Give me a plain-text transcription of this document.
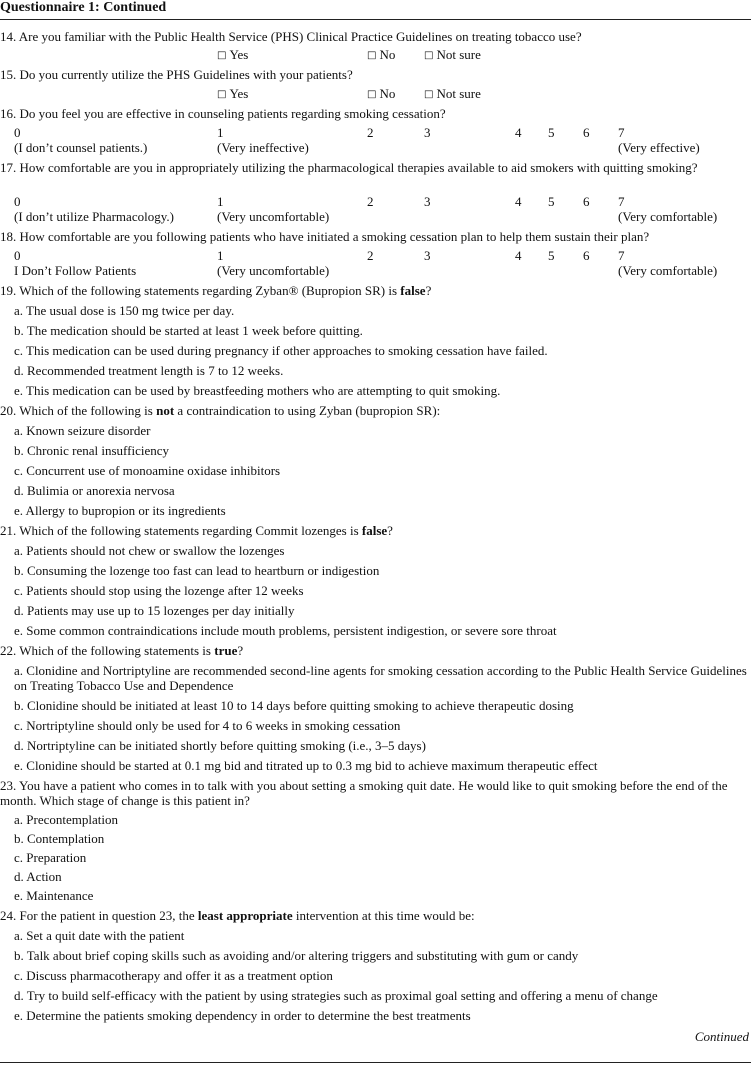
Questionnaire 1: Continued
14. Are you familiar with the Public Health Service (PHS) Clinical Practice Guidelines on treating tobacco use?
□ Yes	□ No	□ Not sure
15. Do you currently utilize the PHS Guidelines with your patients?
□ Yes	□ No	□ Not sure
16. Do you feel you are effective in counseling patients regarding smoking cessation?
0	1	2	3	4 5 6 7
(I don’t counsel patients.)	(Very ineffective)	(Very effective)
17. How comfortable are you in appropriately utilizing the pharmacological therapies available to aid smokers with quitting smoking?
0	1	2	3	4 5 6 7
(I don’t utilize Pharmacology.)	(Very uncomfortable)	(Very comfortable)
18. How comfortable are you following patients who have initiated a smoking cessation plan to help them sustain their plan?
0	1	2	3	4 5 6 7
I Don’t Follow Patients	(Very uncomfortable)	(Very comfortable)
19. Which of the following statements regarding Zyban® (Bupropion SR) is false?
a. The usual dose is 150 mg twice per day.
b. The medication should be started at least 1 week before quitting.
c. This medication can be used during pregnancy if other approaches to smoking cessation have failed.
d. Recommended treatment length is 7 to 12 weeks.
e. This medication can be used by breastfeeding mothers who are attempting to quit smoking.
20. Which of the following is not a contraindication to using Zyban (bupropion SR):
a. Known seizure disorder
b. Chronic renal insufficiency
c. Concurrent use of monoamine oxidase inhibitors
d. Bulimia or anorexia nervosa
e. Allergy to bupropion or its ingredients
21. Which of the following statements regarding Commit lozenges is false?
a. Patients should not chew or swallow the lozenges
b. Consuming the lozenge too fast can lead to heartburn or indigestion
c. Patients should stop using the lozenge after 12 weeks
d. Patients may use up to 15 lozenges per day initially
e. Some common contraindications include mouth problems, persistent indigestion, or severe sore throat
22. Which of the following statements is true?
a. Clonidine and Nortriptyline are recommended second-line agents for smoking cessation according to the Public Health Service Guidelines on Treating Tobacco Use and Dependence
b. Clonidine should be initiated at least 10 to 14 days before quitting smoking to achieve therapeutic dosing
c. Nortriptyline should only be used for 4 to 6 weeks in smoking cessation
d. Nortriptyline can be initiated shortly before quitting smoking (i.e., 3–5 days)
e. Clonidine should be started at 0.1 mg bid and titrated up to 0.3 mg bid to achieve maximum therapeutic effect
23. You have a patient who comes in to talk with you about setting a smoking quit date. He would like to quit smoking before the end of the month. Which stage of change is this patient in?
a. Precontemplation
b. Contemplation
c. Preparation
d. Action
e. Maintenance
24. For the patient in question 23, the least appropriate intervention at this time would be:
a. Set a quit date with the patient
b. Talk about brief coping skills such as avoiding and/or altering triggers and substituting with gum or candy
c. Discuss pharmacotherapy and offer it as a treatment option
d. Try to build self-efficacy with the patient by using strategies such as proximal goal setting and offering a menu of change
e. Determine the patients smoking dependency in order to determine the best treatments
Continued
